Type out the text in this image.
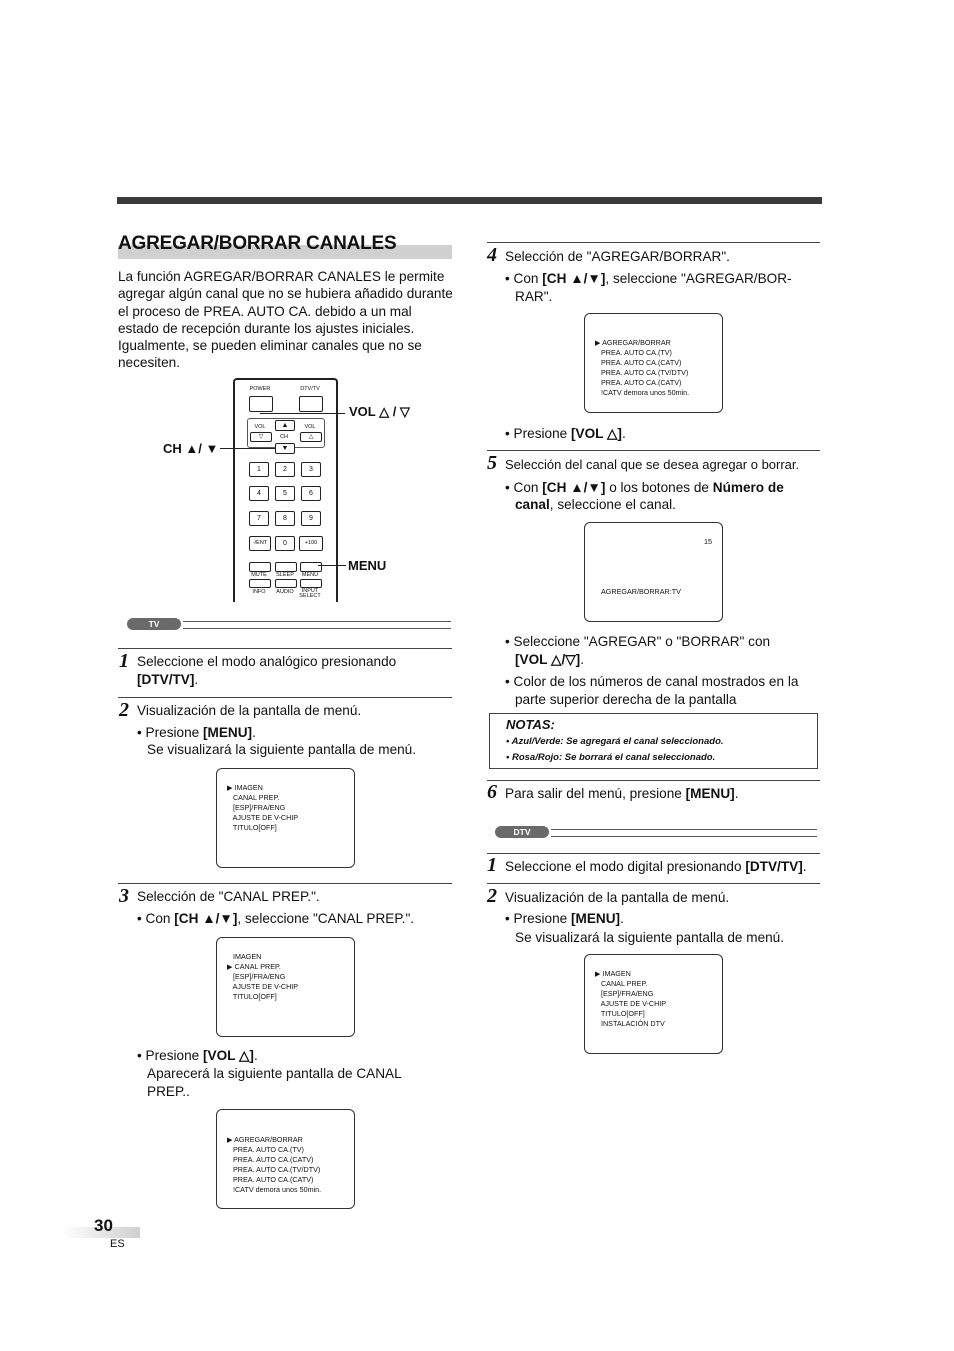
AGREGAR/BORRAR CANALES
La función AGREGAR/BORRAR CANALES le permite agregar algún canal que no se hubiera añadido durante el proceso de PREA. AUTO CA. debido a un mal estado de recepción durante los ajustes iniciales. Igualmente, se pueden eliminar canales que no se necesiten.
POWER	DTV/TV
VOL	VOL
▽	△
▲
CH
▼
1	2	3
4	5	6
7	8	9
-/ENT	0	+100
MUTE	SLEEP	MENU
INFO	AUDIO	INPUT SELECT
VOL △ / ▽
CH ▲/ ▼
MENU
TV
1 Seleccione el modo analógico presionando [DTV/TV].
2 Visualización de la pantalla de menú.
• Presione [MENU].
Se visualizará la siguiente pantalla de menú.
▶ IMAGEN
CANAL PREP.
[ESP]/FRA/ENG
AJUSTE DE V-CHIP
TITULO[OFF]
3 Selección de "CANAL PREP.".
• Con [CH ▲/▼], seleccione "CANAL PREP.".
IMAGEN
▶ CANAL PREP.
[ESP]/FRA/ENG
AJUSTE DE V-CHIP
TITULO[OFF]
• Presione [VOL △].
Aparecerá la siguiente pantalla de CANAL PREP..
▶ AGREGAR/BORRAR
PREA. AUTO CA.(TV)
PREA. AUTO CA.(CATV)
PREA. AUTO CA.(TV/DTV)
PREA. AUTO CA.(CATV)
!CATV demora unos 50min.
4 Selección de "AGREGAR/BORRAR".
• Con [CH ▲/▼], seleccione "AGREGAR/BOR-
RAR".
▶ AGREGAR/BORRAR
PREA. AUTO CA.(TV)
PREA. AUTO CA.(CATV)
PREA. AUTO CA.(TV/DTV)
PREA. AUTO CA.(CATV)
!CATV demora unos 50min.
• Presione [VOL △].
5 Selección del canal que se desea agregar o borrar.
• Con [CH ▲/▼] o los botones de Número de
canal, seleccione el canal.
15
AGREGAR/BORRAR:TV
• Seleccione "AGREGAR" o "BORRAR" con
[VOL △/▽].
• Color de los números de canal mostrados en la
parte superior derecha de la pantalla
NOTAS:
• Azul/Verde: Se agregará el canal seleccionado.
• Rosa/Rojo: Se borrará el canal seleccionado.
6 Para salir del menú, presione [MENU].
DTV
1 Seleccione el modo digital presionando [DTV/TV].
2 Visualización de la pantalla de menú.
• Presione [MENU].
Se visualizará la siguiente pantalla de menú.
▶ IMAGEN
CANAL PREP.
[ESP]/FRA/ENG
AJUSTE DE V-CHIP
TITULO[OFF]
INSTALACIÓN DTV
30
ES
